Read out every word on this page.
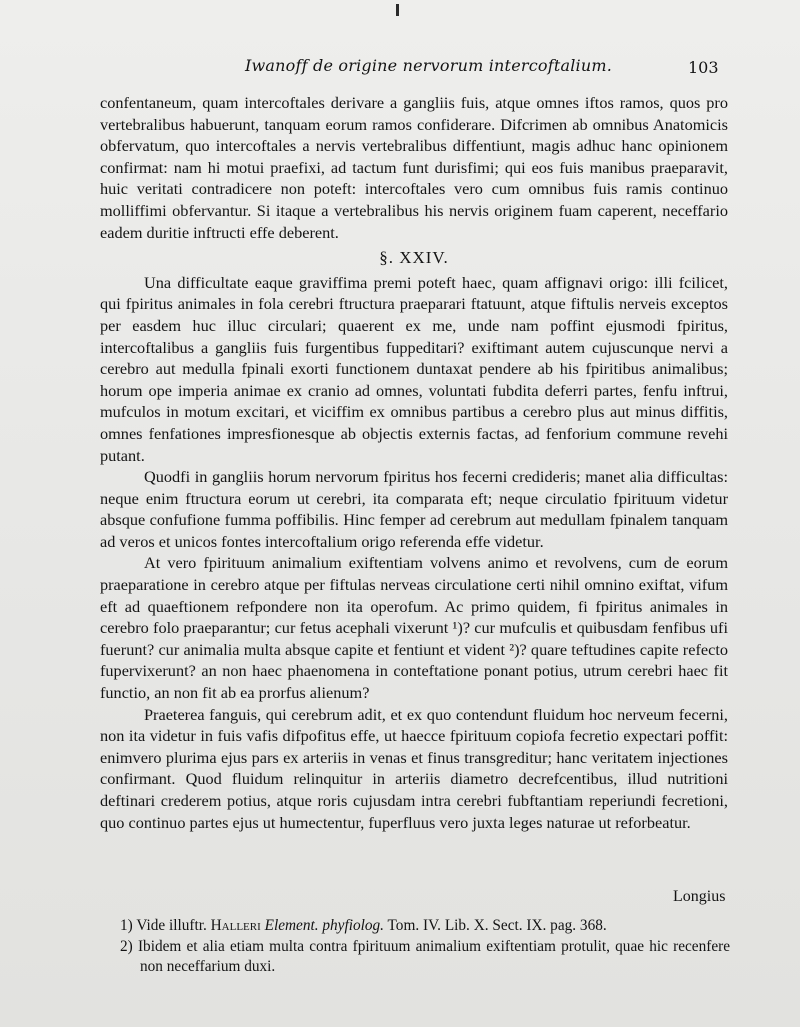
Iwanoff de origine nervorum intercoftalium.	103

confentaneum, quam intercoftales derivare a gangliis fuis, atque omnes iftos ramos, quos pro vertebralibus habuerunt, tanquam eorum ramos confiderare. Difcrimen ab omnibus Anatomicis obfervatum, quo intercoftales a nervis vertebralibus diffentiunt, magis adhuc hanc opinionem confirmat: nam hi motui praefixi, ad tactum funt durisfimi; qui eos fuis manibus praeparavit, huic veritati contradicere non poteft: intercoftales vero cum omnibus fuis ramis continuo molliffimi obfervantur. Si itaque a vertebralibus his nervis originem fuam caperent, neceffario eadem duritie inftructi effe deberent.

§. XXIV.

Una difficultate eaque graviffima premi poteft haec, quam affignavi origo: illi fcilicet, qui fpiritus animales in fola cerebri ftructura praeparari ftatuunt, atque fiftulis nerveis exceptos per easdem huc illuc circulari; quaerent ex me, unde nam poffint ejusmodi fpiritus, intercoftalibus a gangliis fuis furgentibus fuppeditari? exiftimant autem cujuscunque nervi a cerebro aut medulla fpinali exorti functionem duntaxat pendere ab his fpiritibus animalibus; horum ope imperia animae ex cranio ad omnes, voluntati fubdita deferri partes, fenfu inftrui, mufculos in motum excitari, et viciffim ex omnibus partibus a cerebro plus aut minus diffitis, omnes fenfationes impresfionesque ab objectis externis factas, ad fenforium commune revehi putant.

Quodfi in gangliis horum nervorum fpiritus hos fecerni credideris; manet alia difficultas: neque enim ftructura eorum ut cerebri, ita comparata eft; neque circulatio fpirituum videtur absque confufione fumma poffibilis. Hinc femper ad cerebrum aut medullam fpinalem tanquam ad veros et unicos fontes intercoftalium origo referenda effe videtur.

At vero fpirituum animalium exiftentiam volvens animo et revolvens, cum de eorum praeparatione in cerebro atque per fiftulas nerveas circulatione certi nihil omnino exiftat, vifum eft ad quaeftionem refpondere non ita operofum. Ac primo quidem, fi fpiritus animales in cerebro folo praeparantur; cur fetus acephali vixerunt ¹)? cur mufculis et quibusdam fenfibus ufi fuerunt? cur animalia multa absque capite et fentiunt et vident ²)? quare teftudines capite refecto fupervixerunt? an non haec phaenomena in conteftatione ponant potius, utrum cerebri haec fit functio, an non fit ab ea prorfus alienum?

Praeterea fanguis, qui cerebrum adit, et ex quo contendunt fluidum hoc nerveum fecerni, non ita videtur in fuis vafis difpofitus effe, ut haecce fpirituum copiofa fecretio expectari poffit: enimvero plurima ejus pars ex arteriis in venas et finus transgreditur; hanc veritatem injectiones confirmant. Quod fluidum relinquitur in arteriis diametro decrefcentibus, illud nutritioni deftinari crederem potius, atque roris cujusdam intra cerebri fubftantiam reperiundi fecretioni, quo continuo partes ejus ut humectentur, fuperfluus vero juxta leges naturae ut reforbeatur.

Longius

1) Vide illuftr. Halleri Element. phyfiolog. Tom. IV. Lib. X. Sect. IX. pag. 368.

2) Ibidem et alia etiam multa contra fpirituum animalium exiftentiam protulit, quae hic recenfere non neceffarium duxi.
